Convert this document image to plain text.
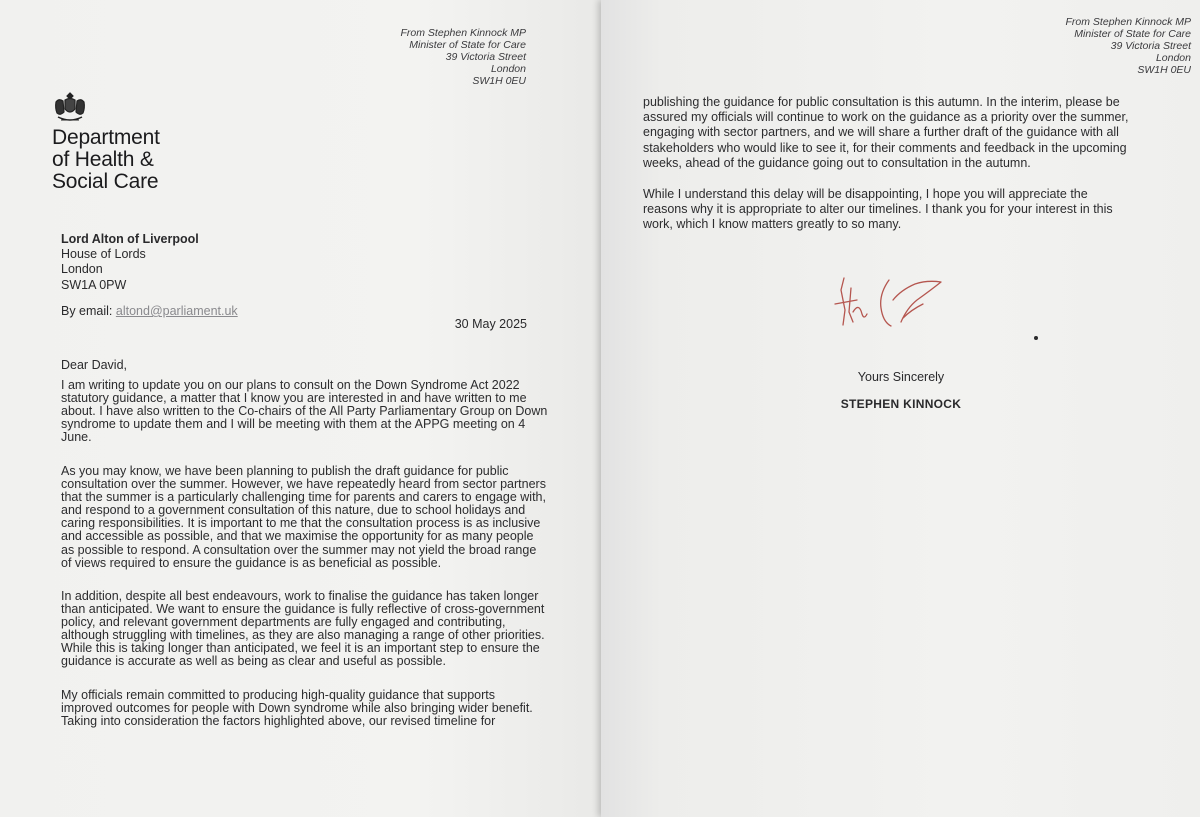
From Stephen Kinnock MP
Minister of State for Care
39 Victoria Street
London
SW1H 0EU
Department
of Health &
Social Care
Lord Alton of Liverpool
House of Lords
London
SW1A 0PW
By email: altond@parliament.uk
30 May 2025
Dear David,
I am writing to update you on our plans to consult on the Down Syndrome Act 2022
statutory guidance, a matter that I know you are interested in and have written to me
about. I have also written to the Co-chairs of the All Party Parliamentary Group on Down
syndrome to update them and I will be meeting with them at the APPG meeting on 4
June.
As you may know, we have been planning to publish the draft guidance for public
consultation over the summer. However, we have repeatedly heard from sector partners
that the summer is a particularly challenging time for parents and carers to engage with,
and respond to a government consultation of this nature, due to school holidays and
caring responsibilities. It is important to me that the consultation process is as inclusive
and accessible as possible, and that we maximise the opportunity for as many people
as possible to respond. A consultation over the summer may not yield the broad range
of views required to ensure the guidance is as beneficial as possible.
In addition, despite all best endeavours, work to finalise the guidance has taken longer
than anticipated. We want to ensure the guidance is fully reflective of cross-government
policy, and relevant government departments are fully engaged and contributing,
although struggling with timelines, as they are also managing a range of other priorities.
While this is taking longer than anticipated, we feel it is an important step to ensure the
guidance is accurate as well as being as clear and useful as possible.
My officials remain committed to producing high-quality guidance that supports
improved outcomes for people with Down syndrome while also bringing wider benefit.
Taking into consideration the factors highlighted above, our revised timeline for
From Stephen Kinnock MP
Minister of State for Care
39 Victoria Street
London
SW1H 0EU
publishing the guidance for public consultation is this autumn. In the interim, please be
assured my officials will continue to work on the guidance as a priority over the summer,
engaging with sector partners, and we will share a further draft of the guidance with all
stakeholders who would like to see it, for their comments and feedback in the upcoming
weeks, ahead of the guidance going out to consultation in the autumn.
While I understand this delay will be disappointing, I hope you will appreciate the
reasons why it is appropriate to alter our timelines. I thank you for your interest in this
work, which I know matters greatly to so many.
Yours Sincerely
STEPHEN KINNOCK
